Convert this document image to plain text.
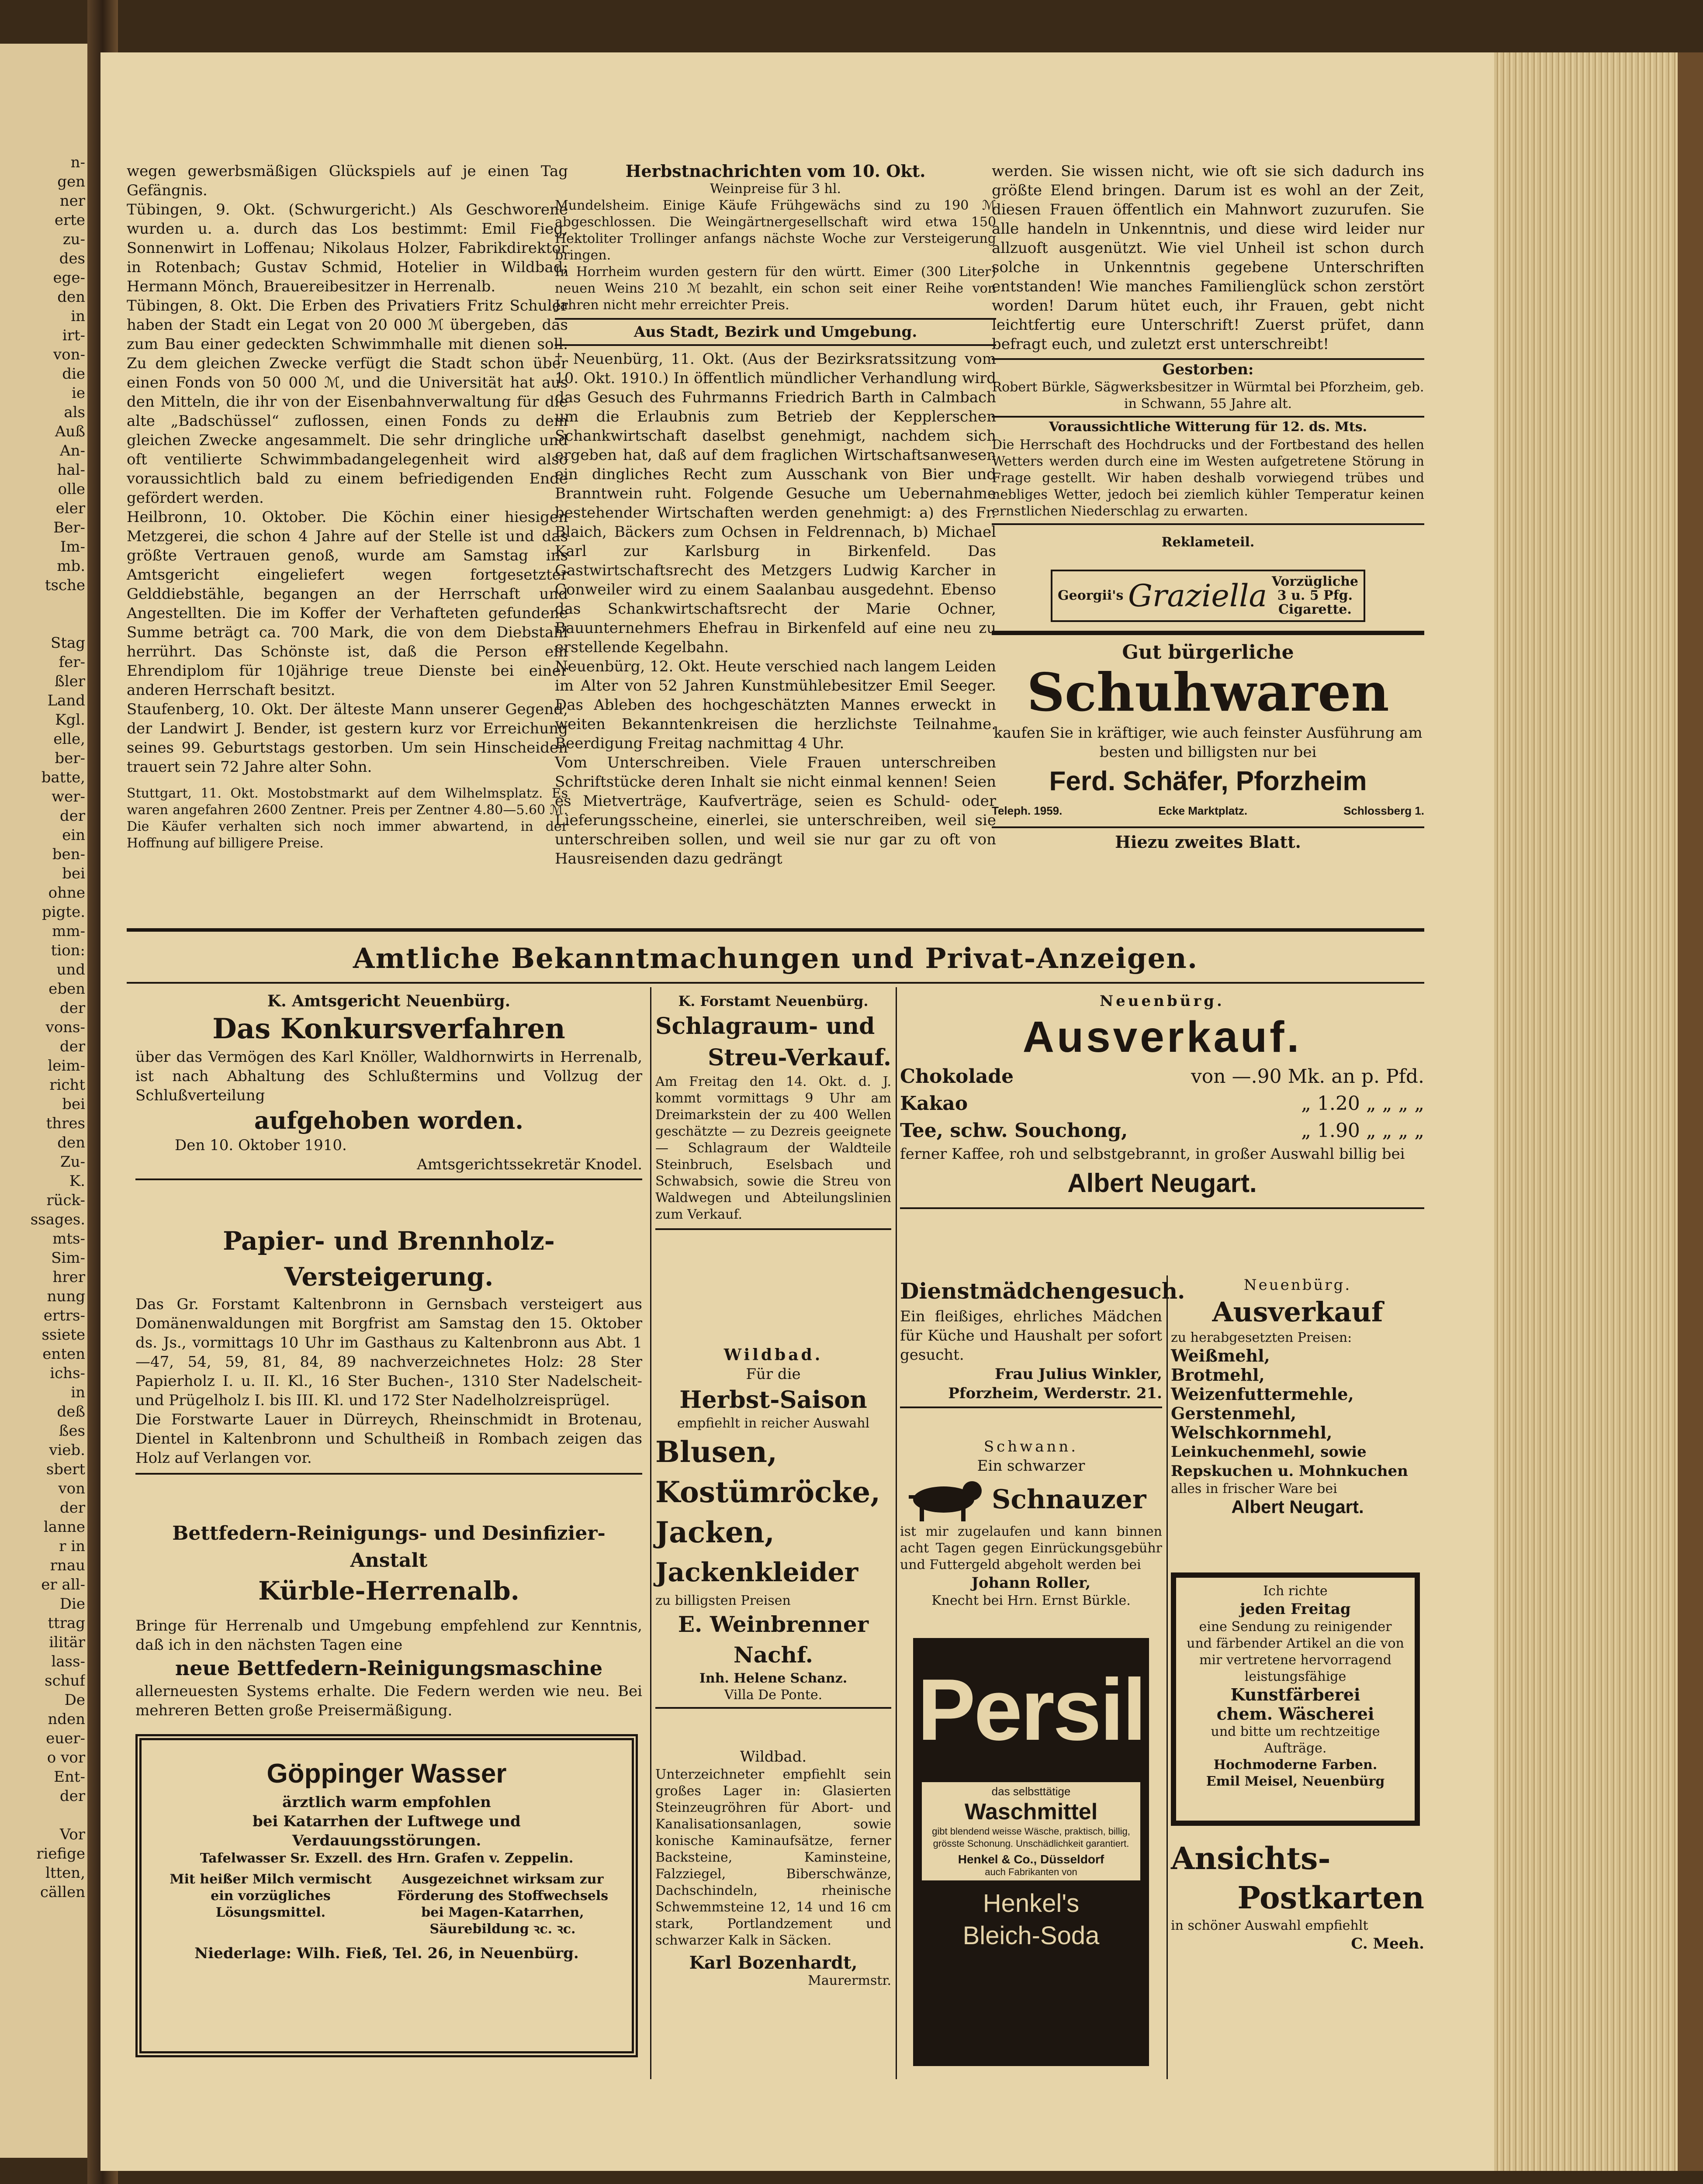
n-
gen
ner
erte
zu-
des
ege-
den
in
irt-
von-
die
ie
als
Auß
An-
hal-
olle
eler
Ber-
Im-
mb.
tsche
Stag
fer-
ßler
Land
Kgl.
elle,
ber-
batte,
wer-
der
ein
ben-
bei
ohne
pigte.
mm-
tion:
und
eben
der
vons-
der
leim-
richt
bei
thres
den
Zu-
K.
rück-
ssages.
mts-
Sim-
hrer
nung
ertrs-
ssiete
enten
ichs-
in
deß
ßes
vieb.
sbert
von
der
lanne
r in
rnau
er all-
Die
ttrag
ilitär
lass-
schuf
De
nden
euer-
o vor
Ent-
der
Vor
riefige
ltten,
cällen

wegen gewerbsmäßigen Glückspiels auf je einen Tag Gefängnis.

Tübingen, 9. Okt. (Schwurgericht.) Als Geschworene wurden u. a. durch das Los bestimmt: Emil Fieg, Sonnenwirt in Loffenau; Nikolaus Holzer, Fabrikdirektor in Rotenbach; Gustav Schmid, Hotelier in Wildbad; Hermann Mönch, Brauereibesitzer in Herrenalb.

Tübingen, 8. Okt. Die Erben des Privatiers Fritz Schuler haben der Stadt ein Legat von 20 000 ℳ übergeben, das zum Bau einer gedeckten Schwimmhalle mit dienen soll. Zu dem gleichen Zwecke verfügt die Stadt schon über einen Fonds von 50 000 ℳ, und die Universität hat aus den Mitteln, die ihr von der Eisenbahnverwaltung für die alte „Badschüssel“ zuflossen, einen Fonds zu dem gleichen Zwecke angesammelt. Die sehr dringliche und oft ventilierte Schwimmbadangelegenheit wird also voraussichtlich bald zu einem befriedigenden Ende gefördert werden.

Heilbronn, 10. Oktober. Die Köchin einer hiesigen Metzgerei, die schon 4 Jahre auf der Stelle ist und das größte Vertrauen genoß, wurde am Samstag ins Amtsgericht eingeliefert wegen fortgesetzter Gelddiebstähle, begangen an der Herrschaft und Angestellten. Die im Koffer der Verhafteten gefundene Summe beträgt ca. 700 Mark, die von dem Diebstahl herrührt. Das Schönste ist, daß die Person ein Ehrendiplom für 10jährige treue Dienste bei einer anderen Herrschaft besitzt.

Staufenberg, 10. Okt. Der älteste Mann unserer Gegend, der Landwirt J. Bender, ist gestern kurz vor Erreichung seines 99. Geburtstags gestorben. Um sein Hinscheiden trauert sein 72 Jahre alter Sohn.

Stuttgart, 11. Okt. Mostobstmarkt auf dem Wilhelmsplatz. Es waren angefahren 2600 Zentner. Preis per Zentner 4.80—5.60 ℳ. Die Käufer verhalten sich noch immer abwartend, in der Hoffnung auf billigere Preise.

Herbstnachrichten vom 10. Okt.

Weinpreise für 3 hl.

Mundelsheim. Einige Käufe Frühgewächs sind zu 190 ℳ abgeschlossen. Die Weingärtnergesellschaft wird etwa 150 Hektoliter Trollinger anfangs nächste Woche zur Versteigerung bringen.

In Horrheim wurden gestern für den württ. Eimer (300 Liter) neuen Weins 210 ℳ bezahlt, ein schon seit einer Reihe von Jahren nicht mehr erreichter Preis.

Aus Stadt, Bezirk und Umgebung.

† Neuenbürg, 11. Okt. (Aus der Bezirksratssitzung vom 10. Okt. 1910.) In öffentlich mündlicher Verhandlung wird das Gesuch des Fuhrmanns Friedrich Barth in Calmbach um die Erlaubnis zum Betrieb der Kepplerschen Schankwirtschaft daselbst genehmigt, nachdem sich ergeben hat, daß auf dem fraglichen Wirtschaftsanwesen ein dingliches Recht zum Ausschank von Bier und Branntwein ruht. Folgende Gesuche um Uebernahme bestehender Wirtschaften werden genehmigt: a) des Fr. Blaich, Bäckers zum Ochsen in Feldrennach, b) Michael Karl zur Karlsburg in Birkenfeld. Das Gastwirtschaftsrecht des Metzgers Ludwig Karcher in Conweiler wird zu einem Saalanbau ausgedehnt. Ebenso das Schankwirtschaftsrecht der Marie Ochner, Bauunternehmers Ehefrau in Birkenfeld auf eine neu zu erstellende Kegelbahn.

Neuenbürg, 12. Okt. Heute verschied nach langem Leiden im Alter von 52 Jahren Kunstmühlebesitzer Emil Seeger. Das Ableben des hochgeschätzten Mannes erweckt in weiten Bekanntenkreisen die herzlichste Teilnahme. Beerdigung Freitag nachmittag 4 Uhr.

Vom Unterschreiben. Viele Frauen unterschreiben Schriftstücke deren Inhalt sie nicht einmal kennen! Seien es Mietverträge, Kaufverträge, seien es Schuld- oder Lieferungsscheine, einerlei, sie unterschreiben, weil sie unterschreiben sollen, und weil sie nur gar zu oft von Hausreisenden dazu gedrängt

werden. Sie wissen nicht, wie oft sie sich dadurch ins größte Elend bringen. Darum ist es wohl an der Zeit, diesen Frauen öffentlich ein Mahnwort zuzurufen. Sie alle handeln in Unkenntnis, und diese wird leider nur allzuoft ausgenützt. Wie viel Unheil ist schon durch solche in Unkenntnis gegebene Unterschriften entstanden! Wie manches Familienglück schon zerstört worden! Darum hütet euch, ihr Frauen, gebt nicht leichtfertig eure Unterschrift! Zuerst prüfet, dann befragt euch, und zuletzt erst unterschreibt!

Gestorben:

Robert Bürkle, Sägwerksbesitzer in Würmtal bei Pforzheim, geb. in Schwann, 55 Jahre alt.

Voraussichtliche Witterung für 12. ds. Mts.

Die Herrschaft des Hochdrucks und der Fortbestand des hellen Wetters werden durch eine im Westen aufgetretene Störung in Frage gestellt. Wir haben deshalb vorwiegend trübes und nebliges Wetter, jedoch bei ziemlich kühler Temperatur keinen ernstlichen Niederschlag zu erwarten.

Reklameteil.

Georgii's Graziella Vorzügliche
3 u. 5 Pfg.
Cigarette.

Gut bürgerliche

Schuhwaren

kaufen Sie in kräftiger, wie auch feinster Ausführung am besten und billigsten nur bei

Ferd. Schäfer, Pforzheim

Teleph. 1959.	Ecke Marktplatz.	Schlossberg 1.

Hiezu zweites Blatt.

Amtliche Bekanntmachungen und Privat-Anzeigen.

K. Amtsgericht Neuenbürg.

Das Konkursverfahren

über das Vermögen des Karl Knöller, Waldhornwirts in Herrenalb, ist nach Abhaltung des Schlußtermins und Vollzug der Schlußverteilung

aufgehoben worden.

Den 10. Oktober 1910.

Amtsgerichtssekretär Knodel.

Papier- und Brennholz-Versteigerung.

Das Gr. Forstamt Kaltenbronn in Gernsbach versteigert aus Domänenwaldungen mit Borgfrist am Samstag den 15. Oktober ds. Js., vormittags 10 Uhr im Gasthaus zu Kaltenbronn aus Abt. 1—47, 54, 59, 81, 84, 89 nachverzeichnetes Holz: 28 Ster Papierholz I. u. II. Kl., 16 Ster Buchen-, 1310 Ster Nadelscheit- und Prügelholz I. bis III. Kl. und 172 Ster Nadelholzreisprügel.

Die Forstwarte Lauer in Dürreych, Rheinschmidt in Brotenau, Dientel in Kaltenbronn und Schultheiß in Rombach zeigen das Holz auf Verlangen vor.

Bettfedern-Reinigungs- und Desinfizier-Anstalt

Kürble-Herrenalb.

Bringe für Herrenalb und Umgebung empfehlend zur Kenntnis, daß ich in den nächsten Tagen eine

neue Bettfedern-Reinigungsmaschine

allerneuesten Systems erhalte. Die Federn werden wie neu. Bei mehreren Betten große Preisermäßigung.

Göppinger Wasser

ärztlich warm empfohlen

bei Katarrhen der Luftwege und Verdauungsstörungen.

Tafelwasser Sr. Exzell. des Hrn. Grafen v. Zeppelin.

Mit heißer Milch vermischt ein vorzügliches Lösungsmittel.

Ausgezeichnet wirksam zur Förderung des Stoffwechsels bei Magen-Katarrhen, Säurebildung ꝛc. ꝛc.

Niederlage: Wilh. Fieß, Tel. 26, in Neuenbürg.

K. Forstamt Neuenbürg.

Schlagraum- und

Streu-Verkauf.

Am Freitag den 14. Okt. d. J. kommt vormittags 9 Uhr am Dreimarkstein der zu 400 Wellen geschätzte — zu Dezreis geeignete — Schlagraum der Waldteile Steinbruch, Eselsbach und Schwabsich, sowie die Streu von Waldwegen und Abteilungslinien zum Verkauf.

Wildbad.

Für die

Herbst-Saison

empfiehlt in reicher Auswahl

Blusen,

Kostümröcke,

Jacken,

Jackenkleider

zu billigsten Preisen

E. Weinbrenner Nachf.

Inh. Helene Schanz.

Villa De Ponte.

Wildbad.

Unterzeichneter empfiehlt sein großes Lager in: Glasierten Steinzeugröhren für Abort- und Kanalisationsanlagen, sowie konische Kaminaufsätze, ferner Backsteine, Kaminsteine, Falzziegel, Biberschwänze, Dachschindeln, rheinische Schwemmsteine 12, 14 und 16 cm stark, Portlandzement und schwarzer Kalk in Säcken.

Karl Bozenhardt,

Maurermstr.

Neuenbürg.

Ausverkauf.

Chokolade	von —.90 Mk. an p. Pfd.
Kakao	„ 1.20 „ „ „ „
Tee, schw. Souchong,	„ 1.90 „ „ „ „

ferner Kaffee, roh und selbstgebrannt, in großer Auswahl billig bei

Albert Neugart.

Dienstmädchengesuch.

Ein fleißiges, ehrliches Mädchen für Küche und Haushalt per sofort gesucht.

Frau Julius Winkler,

Pforzheim, Werderstr. 21.

Schwann.

Ein schwarzer

Schnauzer

ist mir zugelaufen und kann binnen acht Tagen gegen Einrückungsgebühr und Futtergeld abgeholt werden bei

Johann Roller,

Knecht bei Hrn. Ernst Bürkle.

Persil
das selbsttätige
Waschmittel
gibt blendend weisse Wäsche, praktisch, billig, grösste Schonung. Unschädlichkeit garantiert.
Henkel & Co., Düsseldorf
auch Fabrikanten von
Henkel's
Bleich-Soda

Neuenbürg.

Ausverkauf

zu herabgesetzten Preisen:

Weißmehl,

Brotmehl,

Weizenfuttermehle,

Gerstenmehl,

Welschkornmehl,

Leinkuchenmehl, sowie

Repskuchen u. Mohnkuchen

alles in frischer Ware bei

Albert Neugart.

Ich richte

jeden Freitag

eine Sendung zu reinigender und färbender Artikel an die von mir vertretene hervorragend leistungsfähige

Kunstfärberei

chem. Wäscherei

und bitte um rechtzeitige Aufträge.

Hochmoderne Farben.

Emil Meisel, Neuenbürg

Ansichts-

Postkarten

in schöner Auswahl empfiehlt

C. Meeh.
